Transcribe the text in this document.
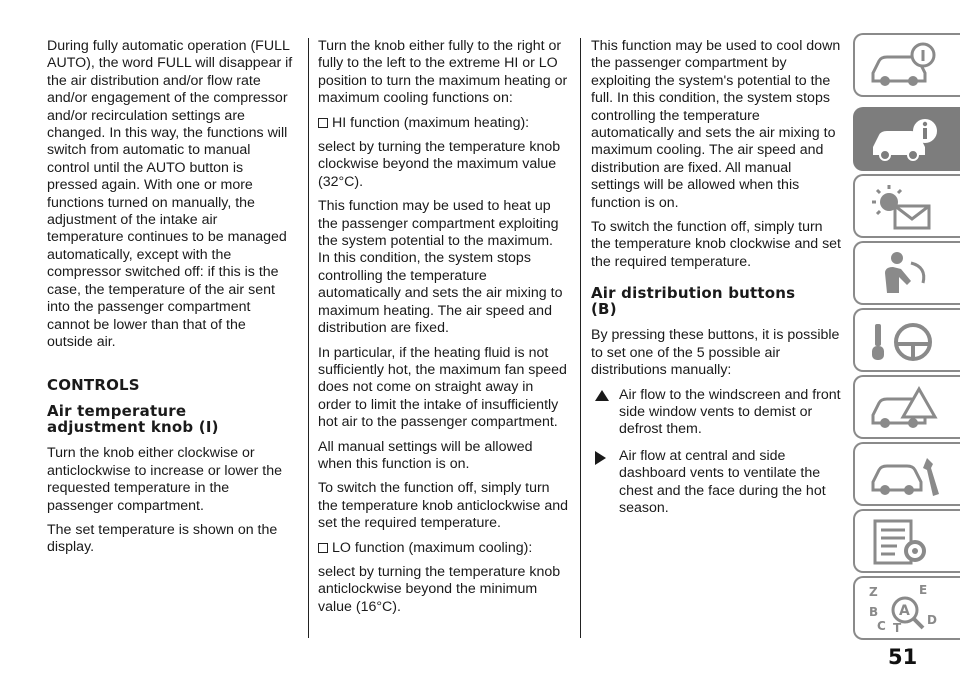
During fully automatic operation (FULL AUTO), the word FULL will disappear if the air distribution and/or flow rate and/or engagement of the compressor and/or recirculation settings are changed. In this way, the functions will switch from automatic to manual control until the AUTO button is pressed again. With one or more functions turned on manually, the adjustment of the intake air temperature continues to be managed automatically, except with the compressor switched off: if this is the case, the temperature of the air sent into the passenger compartment cannot be lower than that of the outside air.

CONTROLS
Air temperature
adjustment knob (I)

Turn the knob either clockwise or anticlockwise to increase or lower the requested temperature in the passenger compartment.

The set temperature is shown on the display.

Turn the knob either fully to the right or fully to the left to the extreme HI or LO position to turn the maximum heating or maximum cooling functions on:

HI function (maximum heating):

select by turning the temperature knob clockwise beyond the maximum value (32°C).

This function may be used to heat up the passenger compartment exploiting the system potential to the maximum. In this condition, the system stops controlling the temperature automatically and sets the air mixing to maximum heating. The air speed and distribution are fixed.

In particular, if the heating fluid is not sufficiently hot, the maximum fan speed does not come on straight away in order to limit the intake of insufficiently hot air to the passenger compartment.

All manual settings will be allowed when this function is on.

To switch the function off, simply turn the temperature knob anticlockwise and set the required temperature.

LO function (maximum cooling):

select by turning the temperature knob anticlockwise beyond the minimum value (16°C).

This function may be used to cool down the passenger compartment by exploiting the system's potential to the full. In this condition, the system stops controlling the temperature automatically and sets the air mixing to maximum cooling. The air speed and distribution are fixed. All manual settings will be allowed when this function is on.

To switch the function off, simply turn the temperature knob clockwise and set the required temperature.

Air distribution buttons
(B)

By pressing these buttons, it is possible to set one of the 5 possible air distributions manually:

Air flow to the windscreen and front side window vents to demist or defrost them.
Air flow at central and side dashboard vents to ventilate the chest and the face during the hot season.
Z	E
B
C T
D
A
51
